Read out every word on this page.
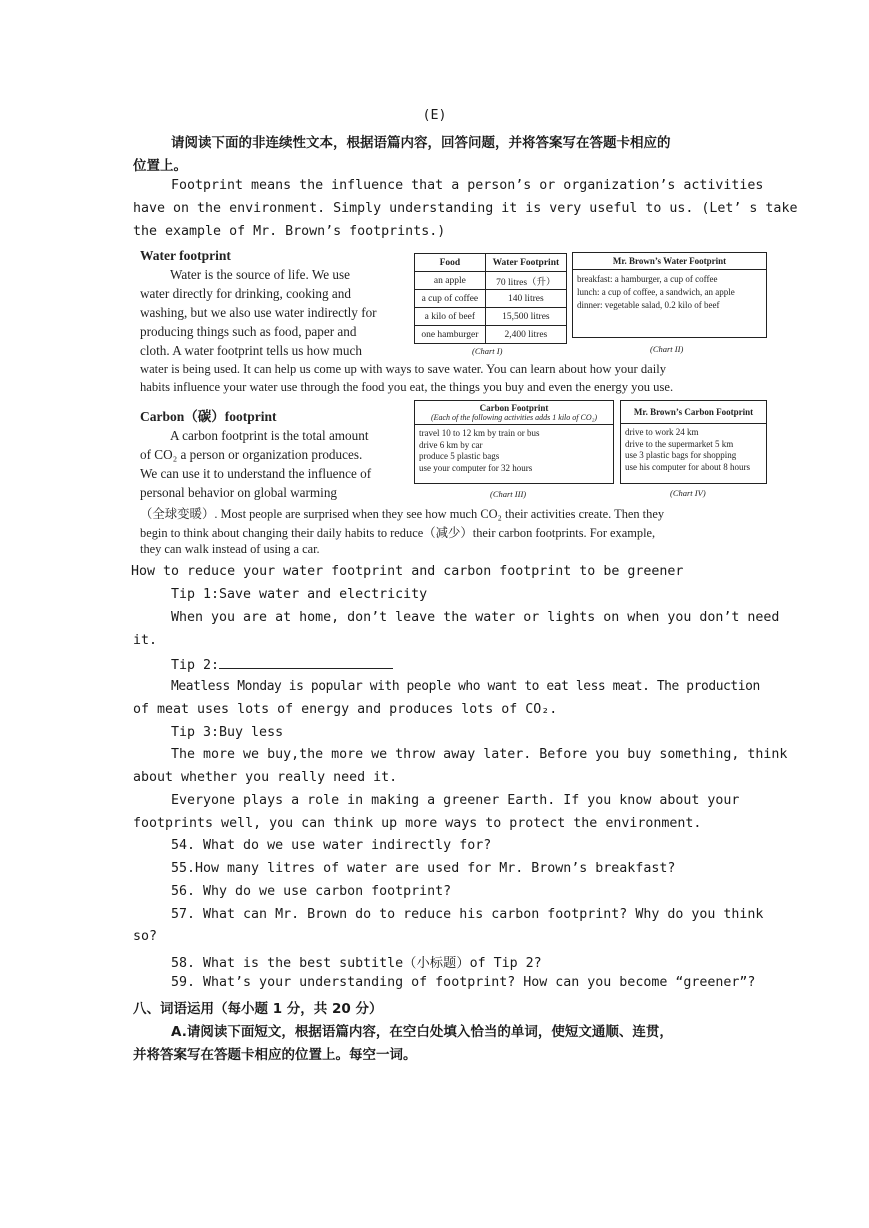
(E)
请阅读下面的非连续性文本，根据语篇内容，回答问题，并将答案写在答题卡相应的
位置上。
Footprint means the influence that a person’s or organization’s activities
have on the environment. Simply understanding it is very useful to us. (Let’ s take
the example of Mr. Brown’s footprints.)
Water footprint
Water is the source of life. We use
water directly for drinking, cooking and
washing, but we also use water indirectly for
producing things such as food, paper and
cloth. A water footprint tells us how much
water is being used. It can help us come up with ways to save water. You can learn about how your daily
habits influence your water use through the food you eat, the things you buy and even the energy you use.
Food	Water Footprint
an apple	70 litres（升）
a cup of coffee	140 litres
a kilo of beef	15,500 litres
one hamburger	2,400 litres
(Chart I)
Mr. Brown’s Water Footprint
breakfast: a hamburger, a cup of coffee
lunch: a cup of coffee, a sandwich, an apple
dinner: vegetable salad, 0.2 kilo of beef
(Chart II)
Carbon（碳）footprint
A carbon footprint is the total amount
of CO₂ a person or organization produces.
We can use it to understand the influence of
personal behavior on global warming
（全球变暖）. Most people are surprised when they see how much CO₂ their activities create. Then they
begin to think about changing their daily habits to reduce（减少）their carbon footprints. For example,
they can walk instead of using a car.
Carbon Footprint
(Each of the following activities adds 1 kilo of CO₂)
travel 10 to 12 km by train or bus
drive 6 km by car
produce 5 plastic bags
use your computer for 32 hours
(Chart III)
Mr. Brown’s Carbon Footprint
drive to work 24 km
drive to the supermarket 5 km
use 3 plastic bags for shopping
use his computer for about 8 hours
(Chart IV)
How to reduce your water footprint and carbon footprint to be greener
Tip 1:Save water and electricity
When you are at home, don’t leave the water or lights on when you don’t need
it.
Tip 2:
Meatless Monday is popular with people who want to eat less meat. The production
of meat uses lots of energy and produces lots of CO₂.
Tip 3:Buy less
The more we buy,the more we throw away later. Before you buy something, think
about whether you really need it.
Everyone plays a role in making a greener Earth. If you know about your
footprints well, you can think up more ways to protect the environment.
54. What do we use water indirectly for?
55.How many litres of water are used for Mr. Brown’s breakfast?
56. Why do we use carbon footprint?
57. What can Mr. Brown do to reduce his carbon footprint? Why do you think
so?
58. What is the best subtitle（小标题）of Tip 2?
59. What’s your understanding of footprint? How can you become “greener”?
八、词语运用（每小题 1 分，共 20 分）
A.请阅读下面短文，根据语篇内容，在空白处填入恰当的单词，使短文通顺、连贯，
并将答案写在答题卡相应的位置上。每空一词。
